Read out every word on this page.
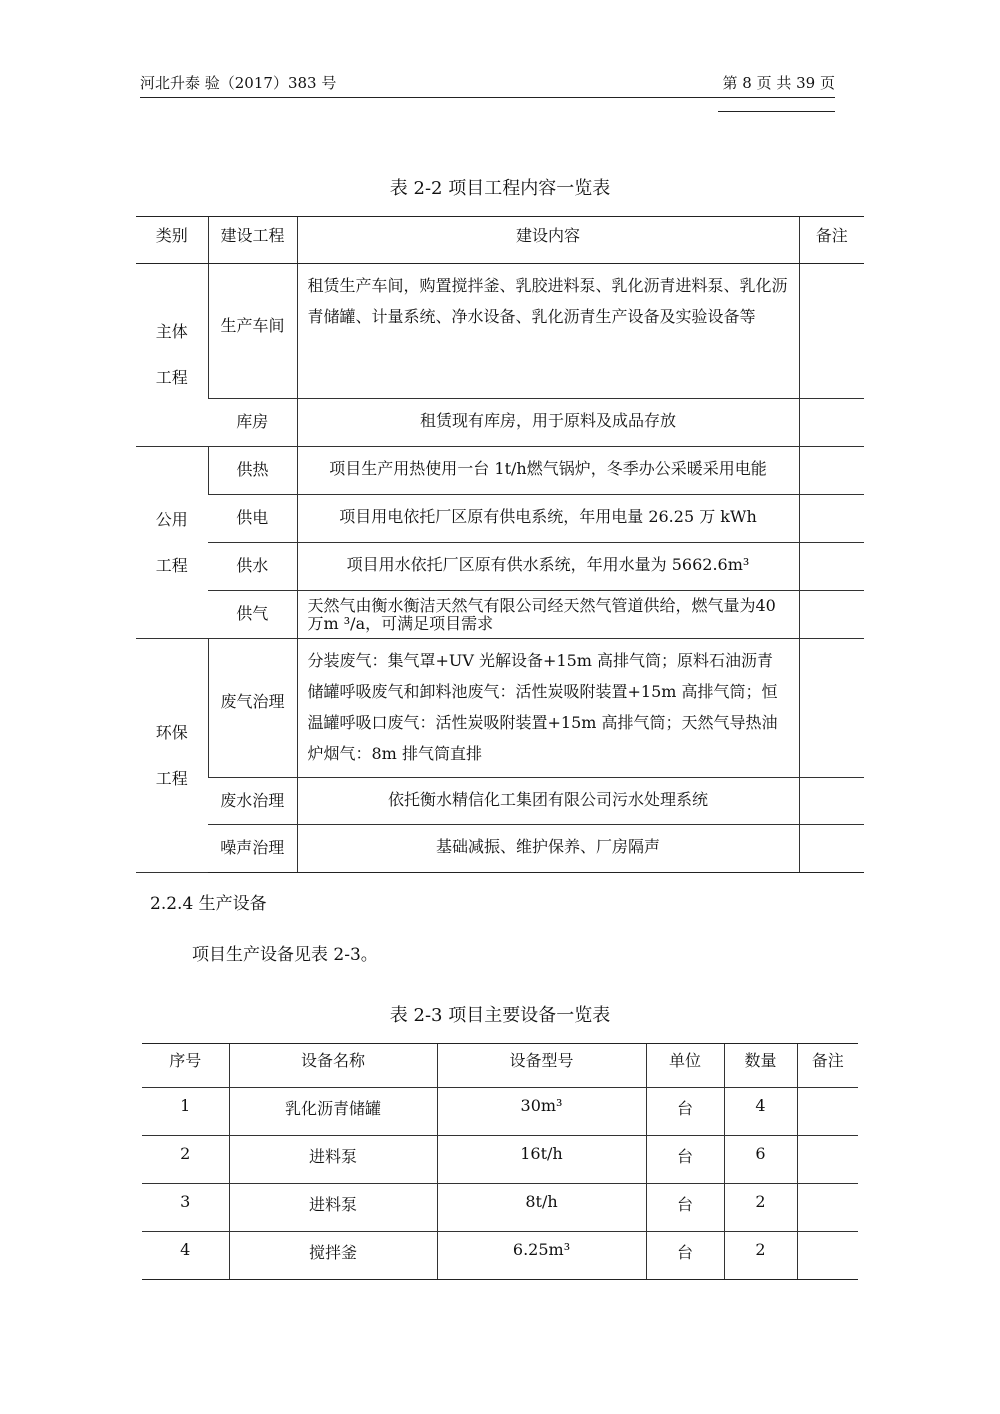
河北升泰 验（2017）383 号	第 8 页 共 39 页
表 2-2 项目工程内容一览表
类别	建设工程	建设内容	备注

主体
工程	生产车间	租赁生产车间，购置搅拌釜、乳胶进料泵、乳化沥青进料泵、乳化沥青储罐、计量系统、净水设备、乳化沥青生产设备及实验设备等	
	库房	租赁现有库房，用于原料及成品存放	

公用
工程	供热	项目生产用热使用一台 1t/h燃气锅炉，冬季办公采暖采用电能	
	供电	项目用电依托厂区原有供电系统，年用电量 26.25 万 kWh	
	供水	项目用水依托厂区原有供水系统，年用水量为 5662.6m³	
	供气	天然气由衡水衡洁天然气有限公司经天然气管道供给，燃气量为40万m ³/a，可满足项目需求	

环保
工程	废气治理	分装废气：集气罩+UV 光解设备+15m 高排气筒；原料石油沥青储罐呼吸废气和卸料池废气：活性炭吸附装置+15m 高排气筒；恒温罐呼吸口废气：活性炭吸附装置+15m 高排气筒；天然气导热油炉烟气：8m 排气筒直排	
	废水治理	依托衡水精信化工集团有限公司污水处理系统	
	噪声治理	基础减振、维护保养、厂房隔声	
2.2.4 生产设备
项目生产设备见表 2-3。
表 2-3 项目主要设备一览表
序号	设备名称	设备型号	单位	数量	备注
1	乳化沥青储罐	30m³	台	4	
2	进料泵	16t/h	台	6	
3	进料泵	8t/h	台	2	
4	搅拌釜	6.25m³	台	2	
